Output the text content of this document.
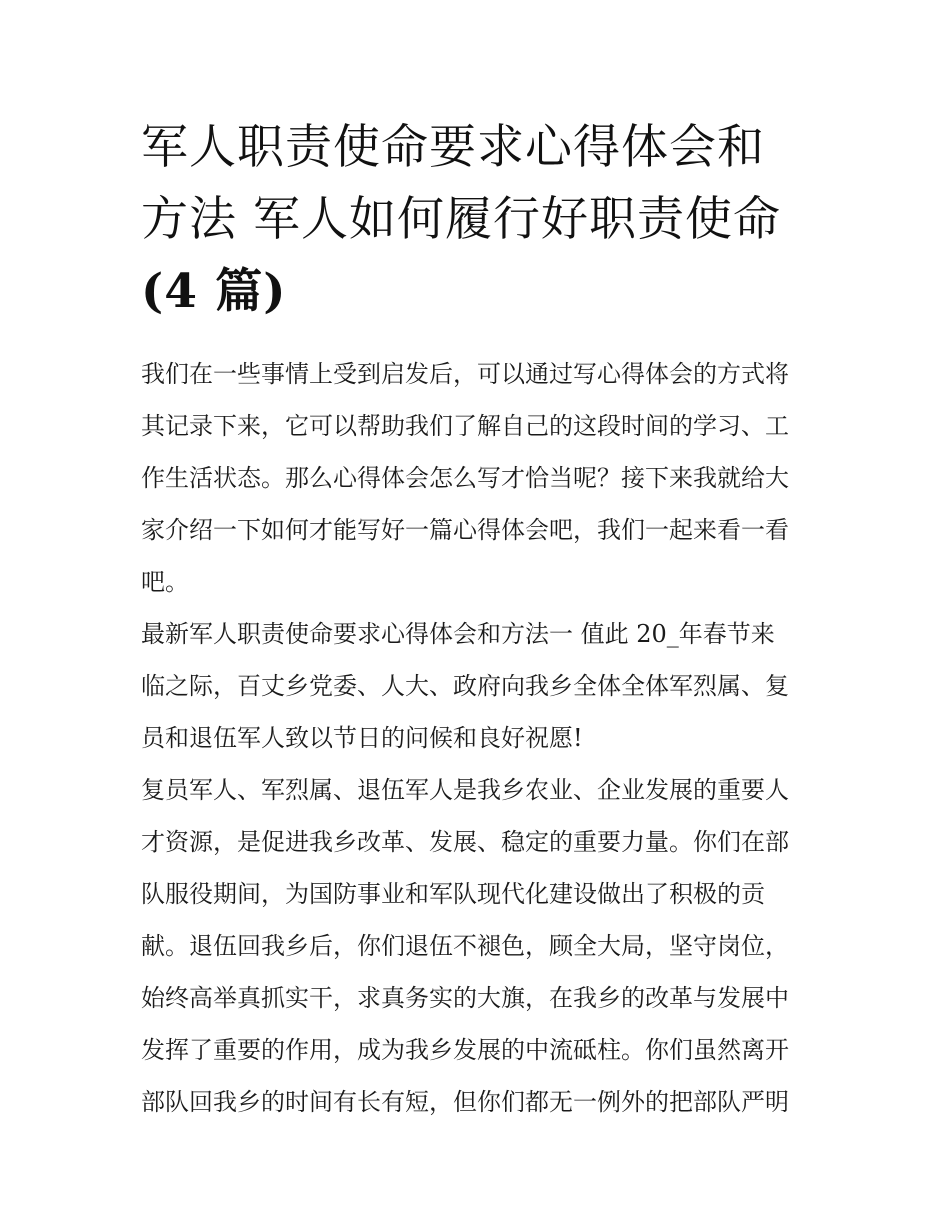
军人职责使命要求心得体会和
方法 军人如何履行好职责使命
(4 篇)

我们在一些事情上受到启发后，可以通过写心得体会的方式将
其记录下来，它可以帮助我们了解自己的这段时间的学习、工
作生活状态。那么心得体会怎么写才恰当呢？接下来我就给大
家介绍一下如何才能写好一篇心得体会吧，我们一起来看一看
吧。

最新军人职责使命要求心得体会和方法一 值此 20_年春节来
临之际，百丈乡党委、人大、政府向我乡全体全体军烈属、复
员和退伍军人致以节日的问候和良好祝愿!

复员军人、军烈属、退伍军人是我乡农业、企业发展的重要人
才资源，是促进我乡改革、发展、稳定的重要力量。你们在部
队服役期间，为国防事业和军队现代化建设做出了积极的贡
献。退伍回我乡后，你们退伍不褪色，顾全大局，坚守岗位，
始终高举真抓实干，求真务实的大旗，在我乡的改革与发展中
发挥了重要的作用，成为我乡发展的中流砥柱。你们虽然离开
部队回我乡的时间有长有短，但你们都无一例外的把部队严明
